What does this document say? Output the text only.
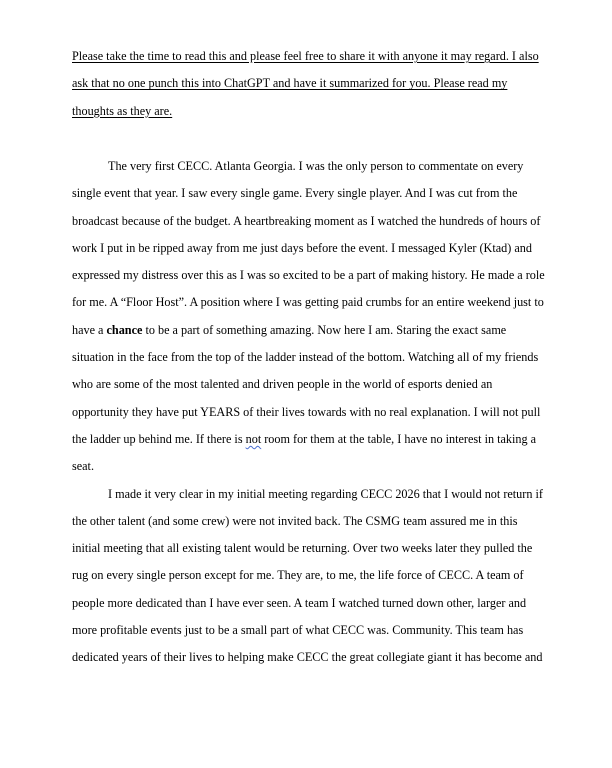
Please take the time to read this and please feel free to share it with anyone it may regard. I also
ask that no one punch this into ChatGPT and have it summarized for you. Please read my
thoughts as they are.
The very first CECC. Atlanta Georgia. I was the only person to commentate on every
single event that year. I saw every single game. Every single player. And I was cut from the
broadcast because of the budget. A heartbreaking moment as I watched the hundreds of hours of
work I put in be ripped away from me just days before the event. I messaged Kyler (Ktad) and
expressed my distress over this as I was so excited to be a part of making history. He made a role
for me. A “Floor Host”. A position where I was getting paid crumbs for an entire weekend just to
have a chance to be a part of something amazing. Now here I am. Staring the exact same
situation in the face from the top of the ladder instead of the bottom. Watching all of my friends
who are some of the most talented and driven people in the world of esports denied an
opportunity they have put YEARS of their lives towards with no real explanation. I will not pull
the ladder up behind me. If there is not room for them at the table, I have no interest in taking a
seat.
I made it very clear in my initial meeting regarding CECC 2026 that I would not return if
the other talent (and some crew) were not invited back. The CSMG team assured me in this
initial meeting that all existing talent would be returning. Over two weeks later they pulled the
rug on every single person except for me. They are, to me, the life force of CECC. A team of
people more dedicated than I have ever seen. A team I watched turned down other, larger and
more profitable events just to be a small part of what CECC was. Community. This team has
dedicated years of their lives to helping make CECC the great collegiate giant it has become and
